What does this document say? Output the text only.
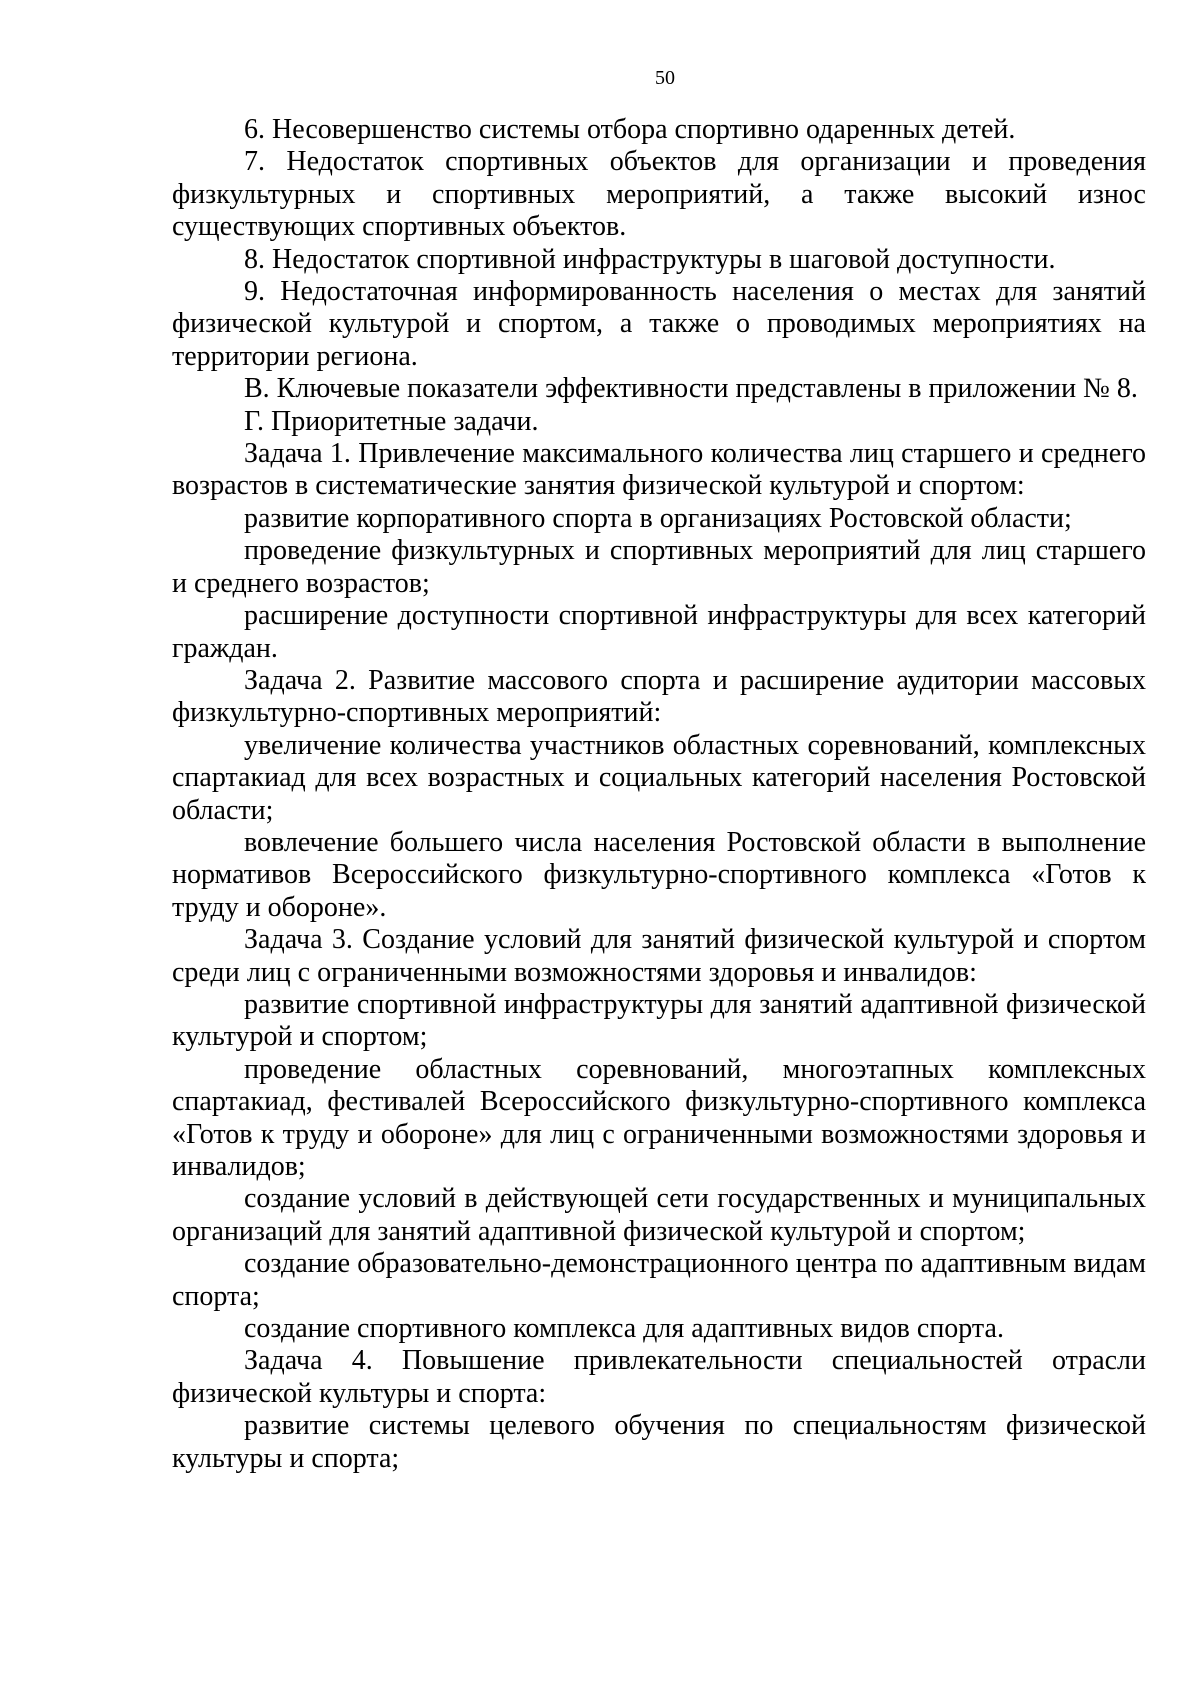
50

6. Несовершенство системы отбора спортивно одаренных детей.

7. Недостаток спортивных объектов для организации и проведения физкультурных и спортивных мероприятий, а также высокий износ существующих спортивных объектов.

8. Недостаток спортивной инфраструктуры в шаговой доступности.

9. Недостаточная информированность населения о местах для занятий физической культурой и спортом, а также о проводимых мероприятиях на территории региона.

В. Ключевые показатели эффективности представлены в приложении № 8.

Г. Приоритетные задачи.

Задача 1. Привлечение максимального количества лиц старшего и среднего возрастов в систематические занятия физической культурой и спортом:

развитие корпоративного спорта в организациях Ростовской области;

проведение физкультурных и спортивных мероприятий для лиц старшего и среднего возрастов;

расширение доступности спортивной инфраструктуры для всех категорий граждан.

Задача 2. Развитие массового спорта и расширение аудитории массовых физкультурно-спортивных мероприятий:

увеличение количества участников областных соревнований, комплексных спартакиад для всех возрастных и социальных категорий населения Ростовской области;

вовлечение большего числа населения Ростовской области в выполнение нормативов Всероссийского физкультурно-спортивного комплекса «Готов к труду и обороне».

Задача 3. Создание условий для занятий физической культурой и спортом среди лиц с ограниченными возможностями здоровья и инвалидов:

развитие спортивной инфраструктуры для занятий адаптивной физической культурой и спортом;

проведение областных соревнований, многоэтапных комплексных спартакиад, фестивалей Всероссийского физкультурно-спортивного комплекса «Готов к труду и обороне» для лиц с ограниченными возможностями здоровья и инвалидов;

создание условий в действующей сети государственных и муниципальных организаций для занятий адаптивной физической культурой и спортом;

создание образовательно-демонстрационного центра по адаптивным видам спорта;

создание спортивного комплекса для адаптивных видов спорта.

Задача 4. Повышение привлекательности специальностей отрасли физической культуры и спорта:

развитие системы целевого обучения по специальностям физической культуры и спорта;
